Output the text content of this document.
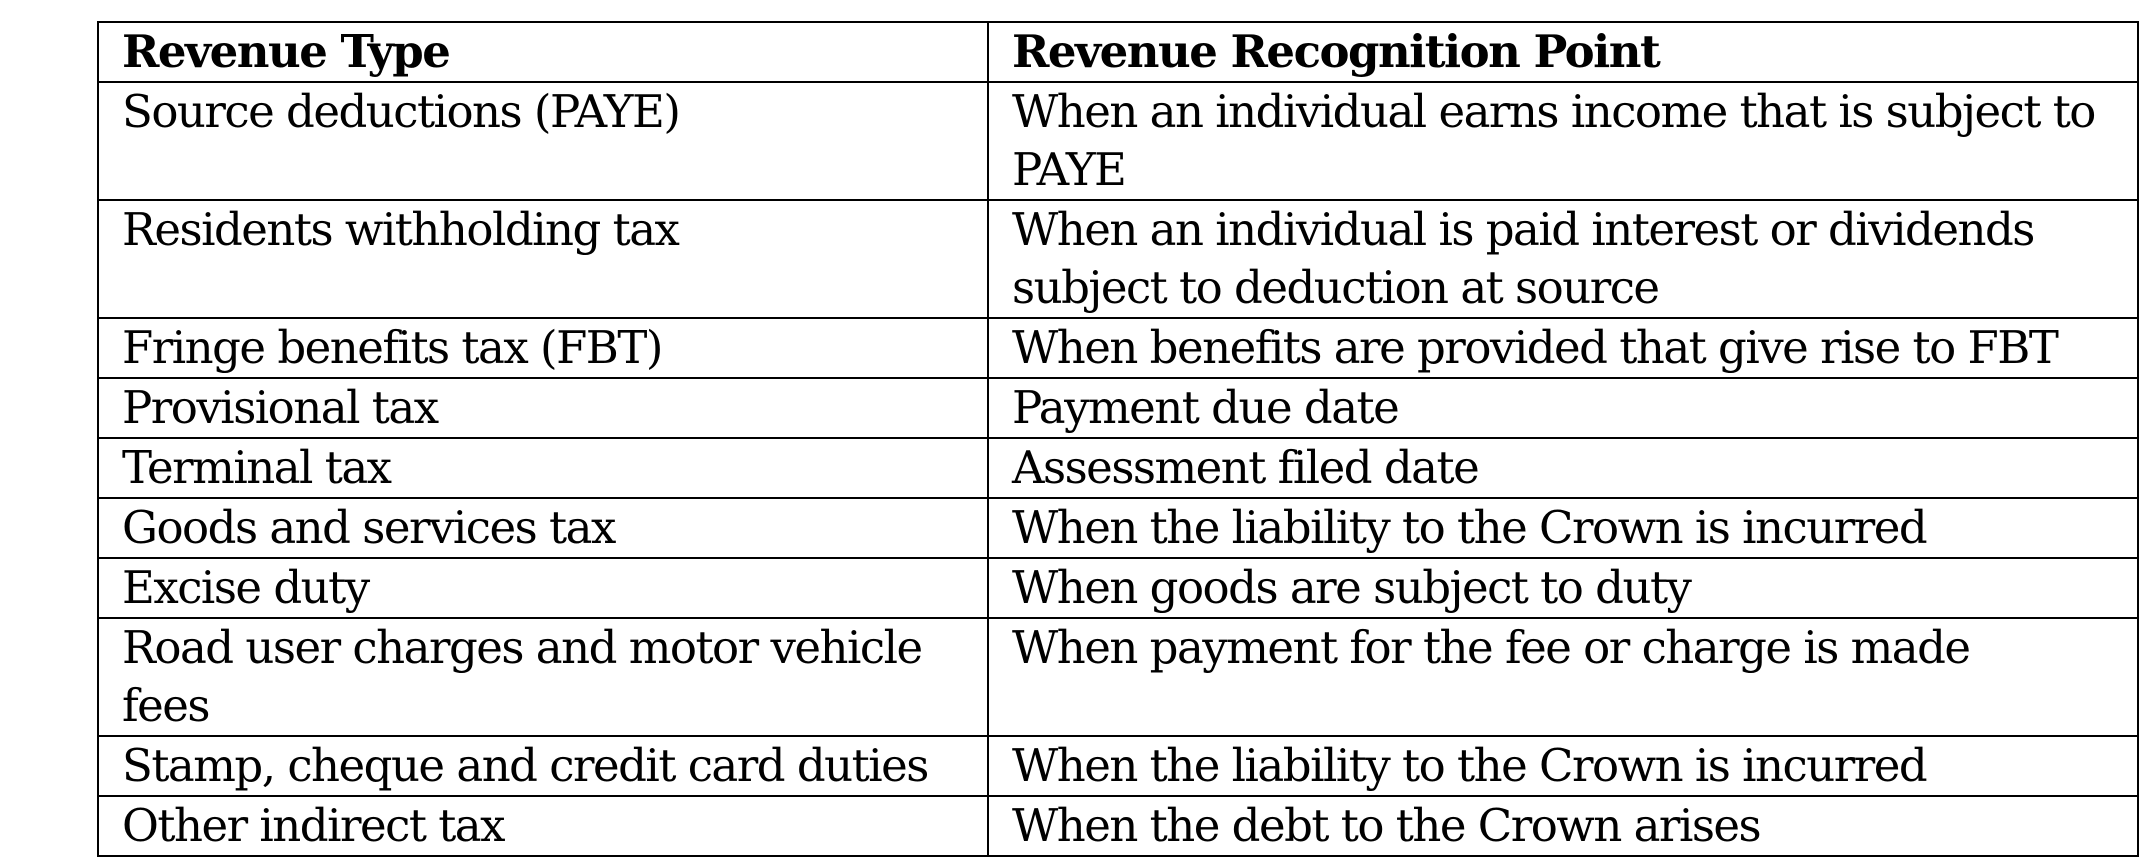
Revenue Type	Revenue Recognition Point
Source deductions (PAYE)	When an individual earns income that is subject to PAYE
Residents withholding tax	When an individual is paid interest or dividends subject to deduction at source
Fringe benefits tax (FBT)	When benefits are provided that give rise to FBT
Provisional tax	Payment due date
Terminal tax	Assessment filed date
Goods and services tax	When the liability to the Crown is incurred
Excise duty	When goods are subject to duty
Road user charges and motor vehicle fees	When payment for the fee or charge is made
Stamp, cheque and credit card duties	When the liability to the Crown is incurred
Other indirect tax	When the debt to the Crown arises
